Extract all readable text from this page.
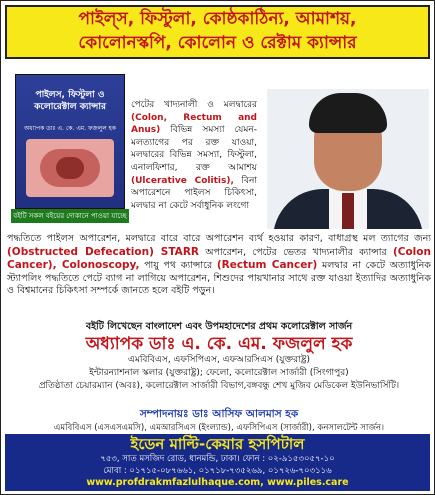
পাইল্‌স, ফিস্টুলা, কোষ্ঠকাঠিন্য, আমাশয়,
কোলোনস্কপি, কোলোন ও রেক্টাম ক্যান্সার
পাইলস, ফিস্টুলা ও কলোরেক্টাল ক্যান্সার
অধ্যাপক ডাঃ এ. কে. এম. ফজলুল হক
বইটি সকল বইয়ের দোকানে পাওয়া যাচ্ছে
পেটের খাদ্যনালী ও মলদ্বারের (Colon, Rectum and Anus) বিভিন্ন সমস্যা যেমন- মলত্যাগের পর রক্ত যাওয়া, মলদ্বারের বিভিন্ন সমস্যা, ফিস্টুলা, এনালফিশার, রক্ত আমাশয় (Ulcerative Colitis), বিনা অপারেশনে পাইলস চিকিৎসা, মলদ্বার না কেটে সর্বাধুনিক লংগো
পদ্ধতিতে পাইলস অপারেশন, মলদ্বারে বারে বারে অপারেশন ব্যর্থ হওয়ার কারণ, বাধাগ্রস্থ মল ত্যাগের জন্য (Obstructed Defecation) STARR অপারেশন, পেটের ভেতর খাদ্যনালীর ক্যান্সার (Colon Cancer), Colonoscopy, পায়ু পথ ক্যান্সারে (Rectum Cancer) মলদ্বার না কেটে অত্যাধুনিক স্ট্যাপলিং পদ্ধতিতে পেটে ব্যাগ না লাগিয়ে অপারেশন, শিশুদের পায়খানার সাথে রক্ত যাওয়া ইত্যাদির অত্যাধুনিক ও বিশ্বমানের চিকিৎসা সম্পর্কে জানতে হলে বইটি পড়ুন।
বইটি লিখেছেন বাংলাদেশ এবং উপমহাদেশের প্রথম কলোরেক্টাল সার্জন
অধ্যাপক ডাঃ এ. কে. এম. ফজলুল হক
এমবিবিএস, এফসিপিএস, এফআরসিএস (যুক্তরাষ্ট্র)
ইন্টারন্যাশনাল স্কলার (যুক্তরাষ্ট্র); ফেলো, কলোরেক্টাল সার্জারী (সিংগাপুর)
প্রতিষ্ঠাতা চেয়ারম্যান (অবঃ), কলোরেক্টাল সার্জারী বিভাগ,বঙ্গবন্ধু শেখ মুজিব মেডিকেল ইউনিভার্সিটি।
সম্পাদনায়ঃ ডাঃ আসিফ আলমাস হক
এমবিবিএস (এসএসএমসি), এমআরসিএস (ইংল্যান্ড), এফসিপিএস (সার্জারী), কনসালটেন্ট সার্জন।
ইডেন মাল্টি-কেয়ার হসপিটাল
৭৫৩, সাত মসজিদ রোড, ধানমন্ডি, ঢাকা। ফোন : ০২-৯১৫৩০৫৭-১০
মোবা : ০১৭১৫-০৮৭৬৬১, ০১৭১৮-৭৩৫২৬৯, ০১৭২৬-৭০৩১১৬
www.profdrakmfazlulhaque.com, www.piles.care
